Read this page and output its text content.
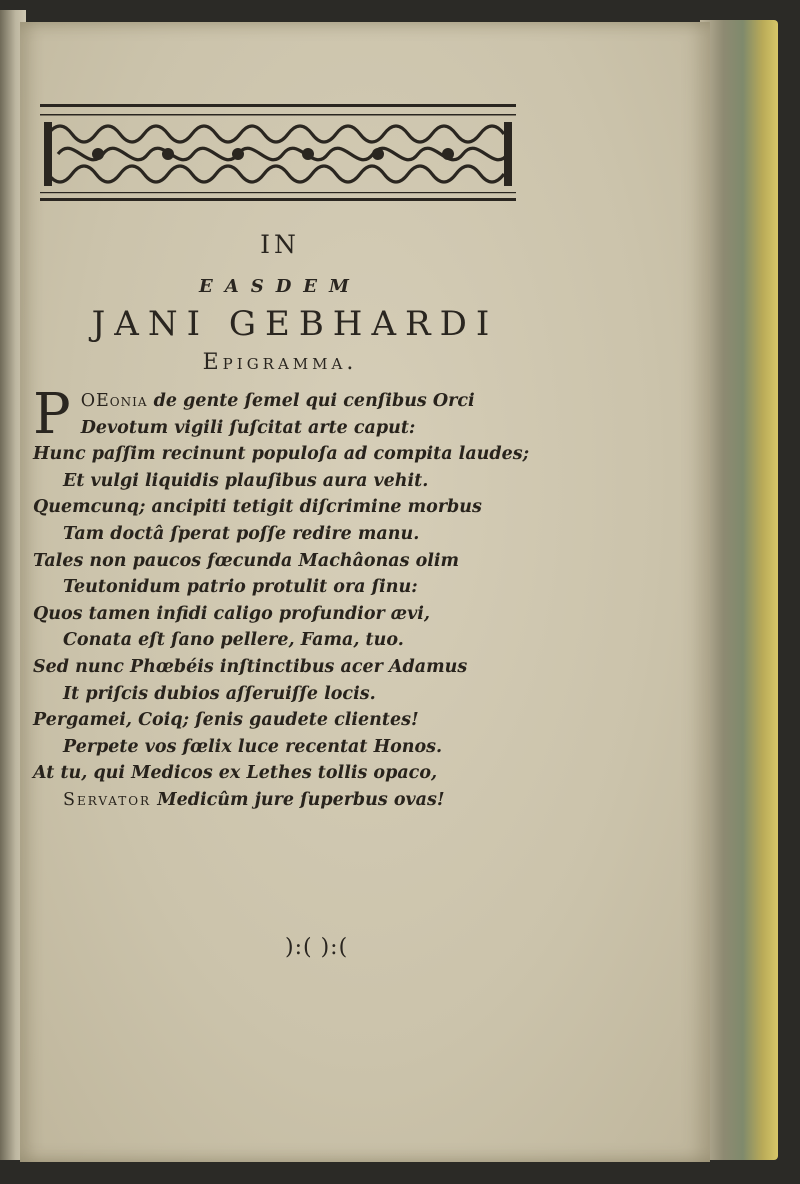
IN
EASDEM
JANI GEBHARDI
Epigramma.
P OEonia de gente ſemel qui cenſibus Orci
Devotum vigili ſuſcitat arte caput:
Hunc paſſim recinunt populoſa ad compita laudes;
Et vulgi liquidis plauſibus aura vehit.
Quemcunq; ancipiti tetigit diſcrimine morbus
Tam doctâ ſperat poſſe redire manu.
Tales non paucos fœcunda Machâonas olim
Teutonidum patrio protulit ora ſinu:
Quos tamen infidi caligo profundior ævi,
Conata eſt ſano pellere, Fama, tuo.
Sed nunc Phœbéis inſtinctibus acer Adamus
It priſcis dubios aſſeruiſſe locis.
Pergamei, Coiq; ſenis gaudete clientes!
Perpete vos fœlix luce recentat Honos.
At tu, qui Medicos ex Lethes tollis opaco,
Servator Medicûm jure ſuperbus ovas!
):( ):(
